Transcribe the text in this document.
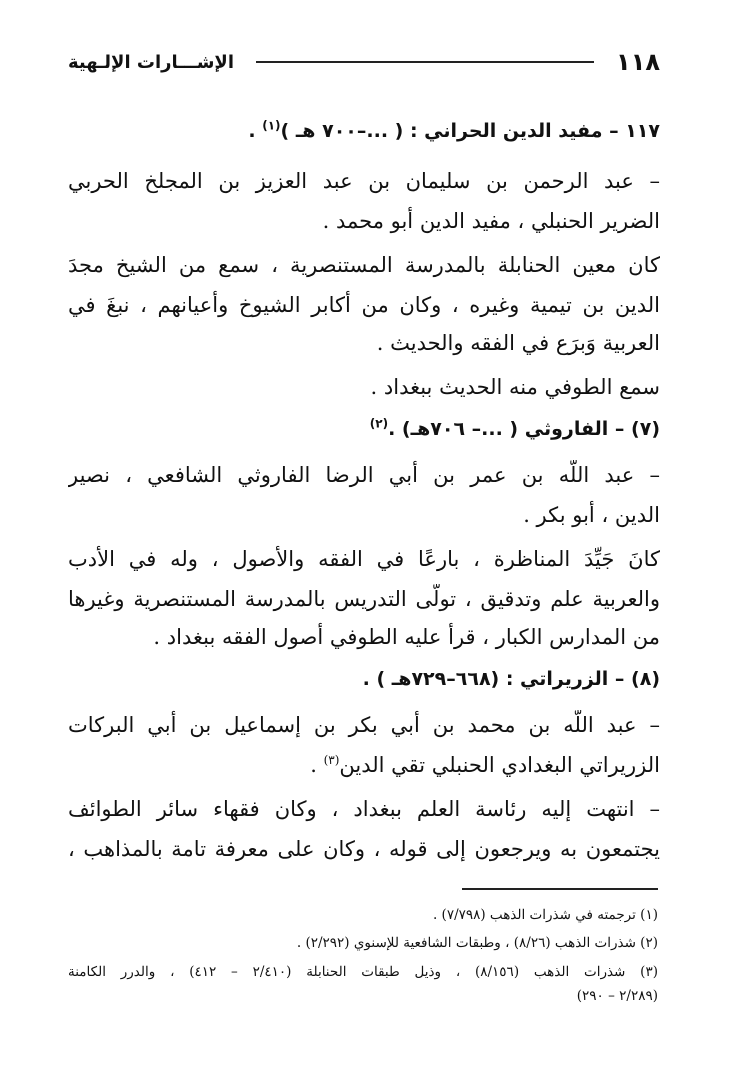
١١٨
الإشـــارات الإلـهية
١١٧ – مفيد الدين الحراني : ( ...–٧٠٠ هـ )$^{(١)}$ .
– عبد الرحمن بن سليمان بن عبد العزيز بن المجلخ الحربي
الضرير الحنبلي ، مفيد الدين أبو محمد .
كان معين الحنابلة بالمدرسة المستنصرية ، سمع من الشيخ مجدَ
الدين بن تيمية وغيره ، وكان من أكابر الشيوخ وأعيانهم ، نبغَ في
العربية وَبرَع في الفقه والحديث .
سمع الطوفي منه الحديث ببغداد .
(٧) – الفاروثي ( ...– ٧٠٦هـ) .$^{(٢)}$
– عبد اللّه بن عمر بن أبي الرضا الفاروثي الشافعي ، نصير
الدين ، أبو بكر .
كانَ جَيِّدَ المناظرة ، بارعًا في الفقه والأصول ، وله في الأدب
والعربية علم وتدقيق ، تولَّى التدريس بالمدرسة المستنصرية وغيرها
من المدارس الكبار ، قرأ عليه الطوفي أصول الفقه ببغداد .
(٨) – الزريراتي : (٦٦٨–٧٢٩هـ ) .
– عبد اللّه بن محمد بن أبي بكر بن إسماعيل بن أبي البركات
الزريراتي البغدادي الحنبلي تقي الدين$^{(٣)}$ .
– انتهت إليه رئاسة العلم ببغداد ، وكان فقهاء سائر الطوائف
يجتمعون به ويرجعون إلى قوله ، وكان على معرفة تامة بالمذاهب ،
(١) ترجمته في شذرات الذهب (٧/٧٩٨) .
(٢) شذرات الذهب (٨/٢٦) ، وطبقات الشافعية للإسنوي (٢/٢٩٢) .
(٣) شذرات الذهب (٨/١٥٦) ، وذيل طبقات الحنابلة (٢/٤١٠ – ٤١٢) ، والدرر الكامنة
(٢/٢٨٩ – ٢٩٠)
